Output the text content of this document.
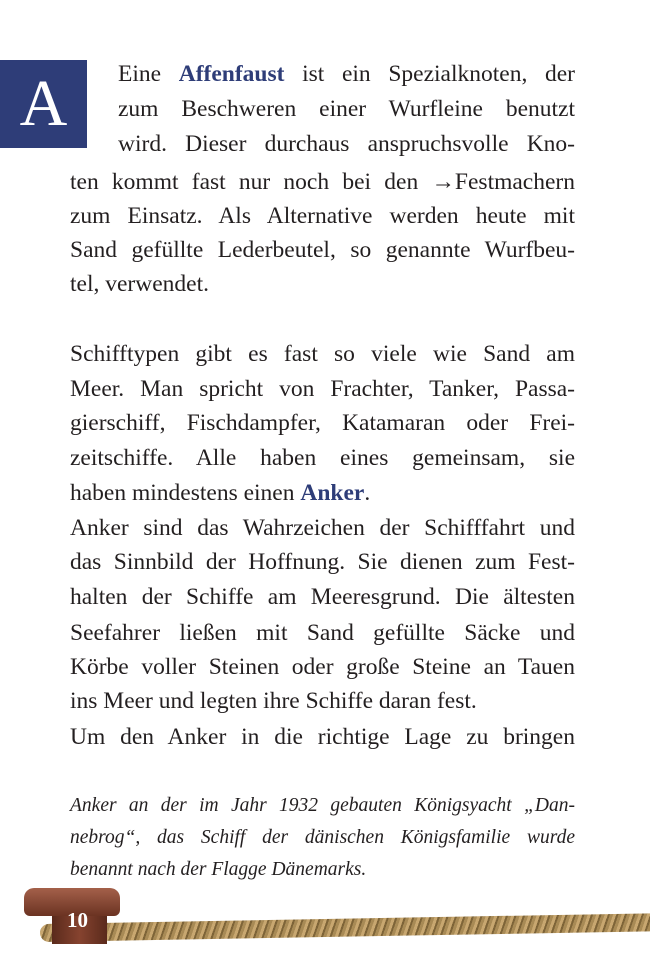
A	Eine Affenfaust ist ein Spezialknoten, der
zum Beschweren einer Wurfleine benutzt
wird. Dieser durchaus anspruchsvolle Kno-
ten kommt fast nur noch bei den →Festmachern
zum Einsatz. Als Alternative werden heute mit
Sand gefüllte Lederbeutel, so genannte Wurfbeu-
tel, verwendet.
Schifftypen gibt es fast so viele wie Sand am
Meer. Man spricht von Frachter, Tanker, Passa-
gierschiff, Fischdampfer, Katamaran oder Frei-
zeitschiffe. Alle haben eines gemeinsam, sie
haben mindestens einen Anker.
Anker sind das Wahrzeichen der Schifffahrt und
das Sinnbild der Hoffnung. Sie dienen zum Fest-
halten der Schiffe am Meeresgrund. Die ältesten
Seefahrer ließen mit Sand gefüllte Säcke und
Körbe voller Steinen oder große Steine an Tauen
ins Meer und legten ihre Schiffe daran fest.
Um den Anker in die richtige Lage zu bringen
Anker an der im Jahr 1932 gebauten Königsyacht „Dan-
nebrog“, das Schiff der dänischen Königsfamilie wurde
benannt nach der Flagge Dänemarks.
10
